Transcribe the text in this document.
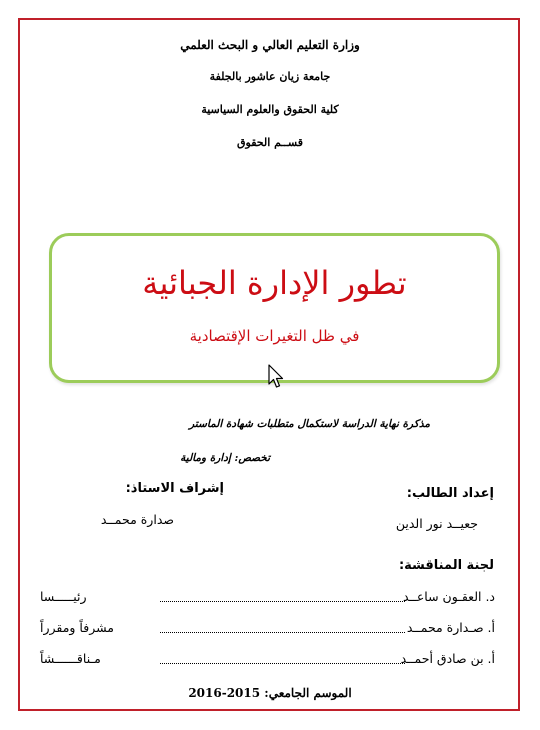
وزارة التعليم العالي و البحث العلمي
جامعة زيان عاشور بالجلفة
كلية الحقوق والعلوم السياسية
قســم الحقوق
تطور الإدارة الجبائية
في ظل التغيرات الإقتصادية
مذكرة نهاية الدراسة لاستكمال متطلبات شهادة الماستر
تخصص: إدارة ومالية
إعداد الطالب:
إشراف الاستاذ:
جعيــد نور الدين
صدارة محمــد
لجنة المناقشة:
د. العقـون ساعــد
رئيـــــسا
أ. صـدارة محمــد
مشرفاً ومقرراً
أ. بن صادق أحمــد
مـناقــــــشاً
الموسم الجامعي: 2015-2016
